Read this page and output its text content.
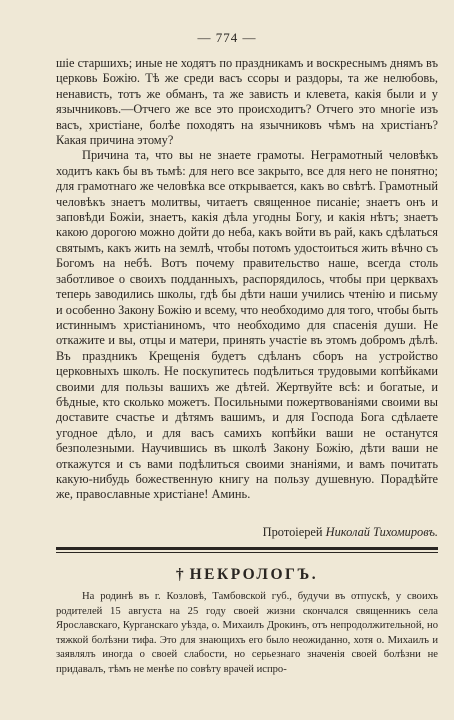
— 774 —

шіе старшихъ; иные не ходятъ по праздникамъ и воскреснымъ днямъ въ церковь Божію. Тѣ же среди васъ ссоры и раздоры, та же нелюбовь, ненависть, тотъ же обманъ, та же зависть и клевета, какія были и у язычниковъ.—Отчего же все это происходитъ? Отчего это многіе изъ васъ, христіане, болѣе походятъ на язычниковъ чѣмъ на христіанъ? Какая причина этому?

Причина та, что вы не знаете грамоты. Неграмотный человѣкъ ходитъ какъ бы въ тьмѣ: для него все закрыто, все для него не понятно; для грамотнаго же человѣка все открывается, какъ во свѣтѣ. Грамотный человѣкъ знаетъ молитвы, читаетъ священное писаніе; знаетъ онъ и заповѣди Божіи, знаетъ, какія дѣла угодны Богу, и какія нѣтъ; знаетъ какою дорогою можно дойти до неба, какъ войти въ рай, какъ сдѣлаться святымъ, какъ жить на землѣ, чтобы потомъ удостоиться жить вѣчно съ Богомъ на небѣ. Вотъ почему правительство наше, всегда столь заботливое о своихъ подданныхъ, распорядилось, чтобы при церквахъ теперь заводились школы, гдѣ бы дѣти наши учились чтенію и письму и особенно Закону Божію и всему, что необходимо для того, чтобы быть истиннымъ христіаниномъ, что необходимо для спасенія души. Не откажите и вы, отцы и матери, принять участіе въ этомъ добромъ дѣлѣ. Въ праздникъ Крещенія будетъ сдѣланъ сборъ на устройство церковныхъ школъ. Не поскупитесь подѣлиться трудовыми копѣйками своими для пользы вашихъ же дѣтей. Жертвуйте всѣ: и богатые, и бѣдные, кто сколько можетъ. Посильными пожертвованіями своими вы доставите счастье и дѣтямъ вашимъ, и для Господа Бога сдѣлаете угодное дѣло, и для васъ самихъ копѣйки ваши не останутся безполезными. Научившись въ школѣ Закону Божію, дѣти ваши не откажутся и съ вами подѣлиться своими знаніями, и вамъ почитать какую-нибудь божественную книгу на пользу душевную. Порадѣйте же, православные христіане! Аминь.

Протоіерей Николай Тихомировъ.
† НЕКРОЛОГЪ.

На родинѣ въ г. Козловѣ, Тамбовской губ., будучи въ отпускѣ, у своихъ родителей 15 августа на 25 году своей жизни скончался священникъ села Ярославскаго, Курганскаго уѣзда, о. Михаилъ Дрокинъ, отъ непродолжительной, но тяжкой болѣзни тифа. Это для знающихъ его было неожиданно, хотя о. Михаилъ и заявлялъ иногда о своей слабости, но серьезнаго значенія своей болѣзни не придавалъ, тѣмъ не менѣе по совѣту врачей испро-
